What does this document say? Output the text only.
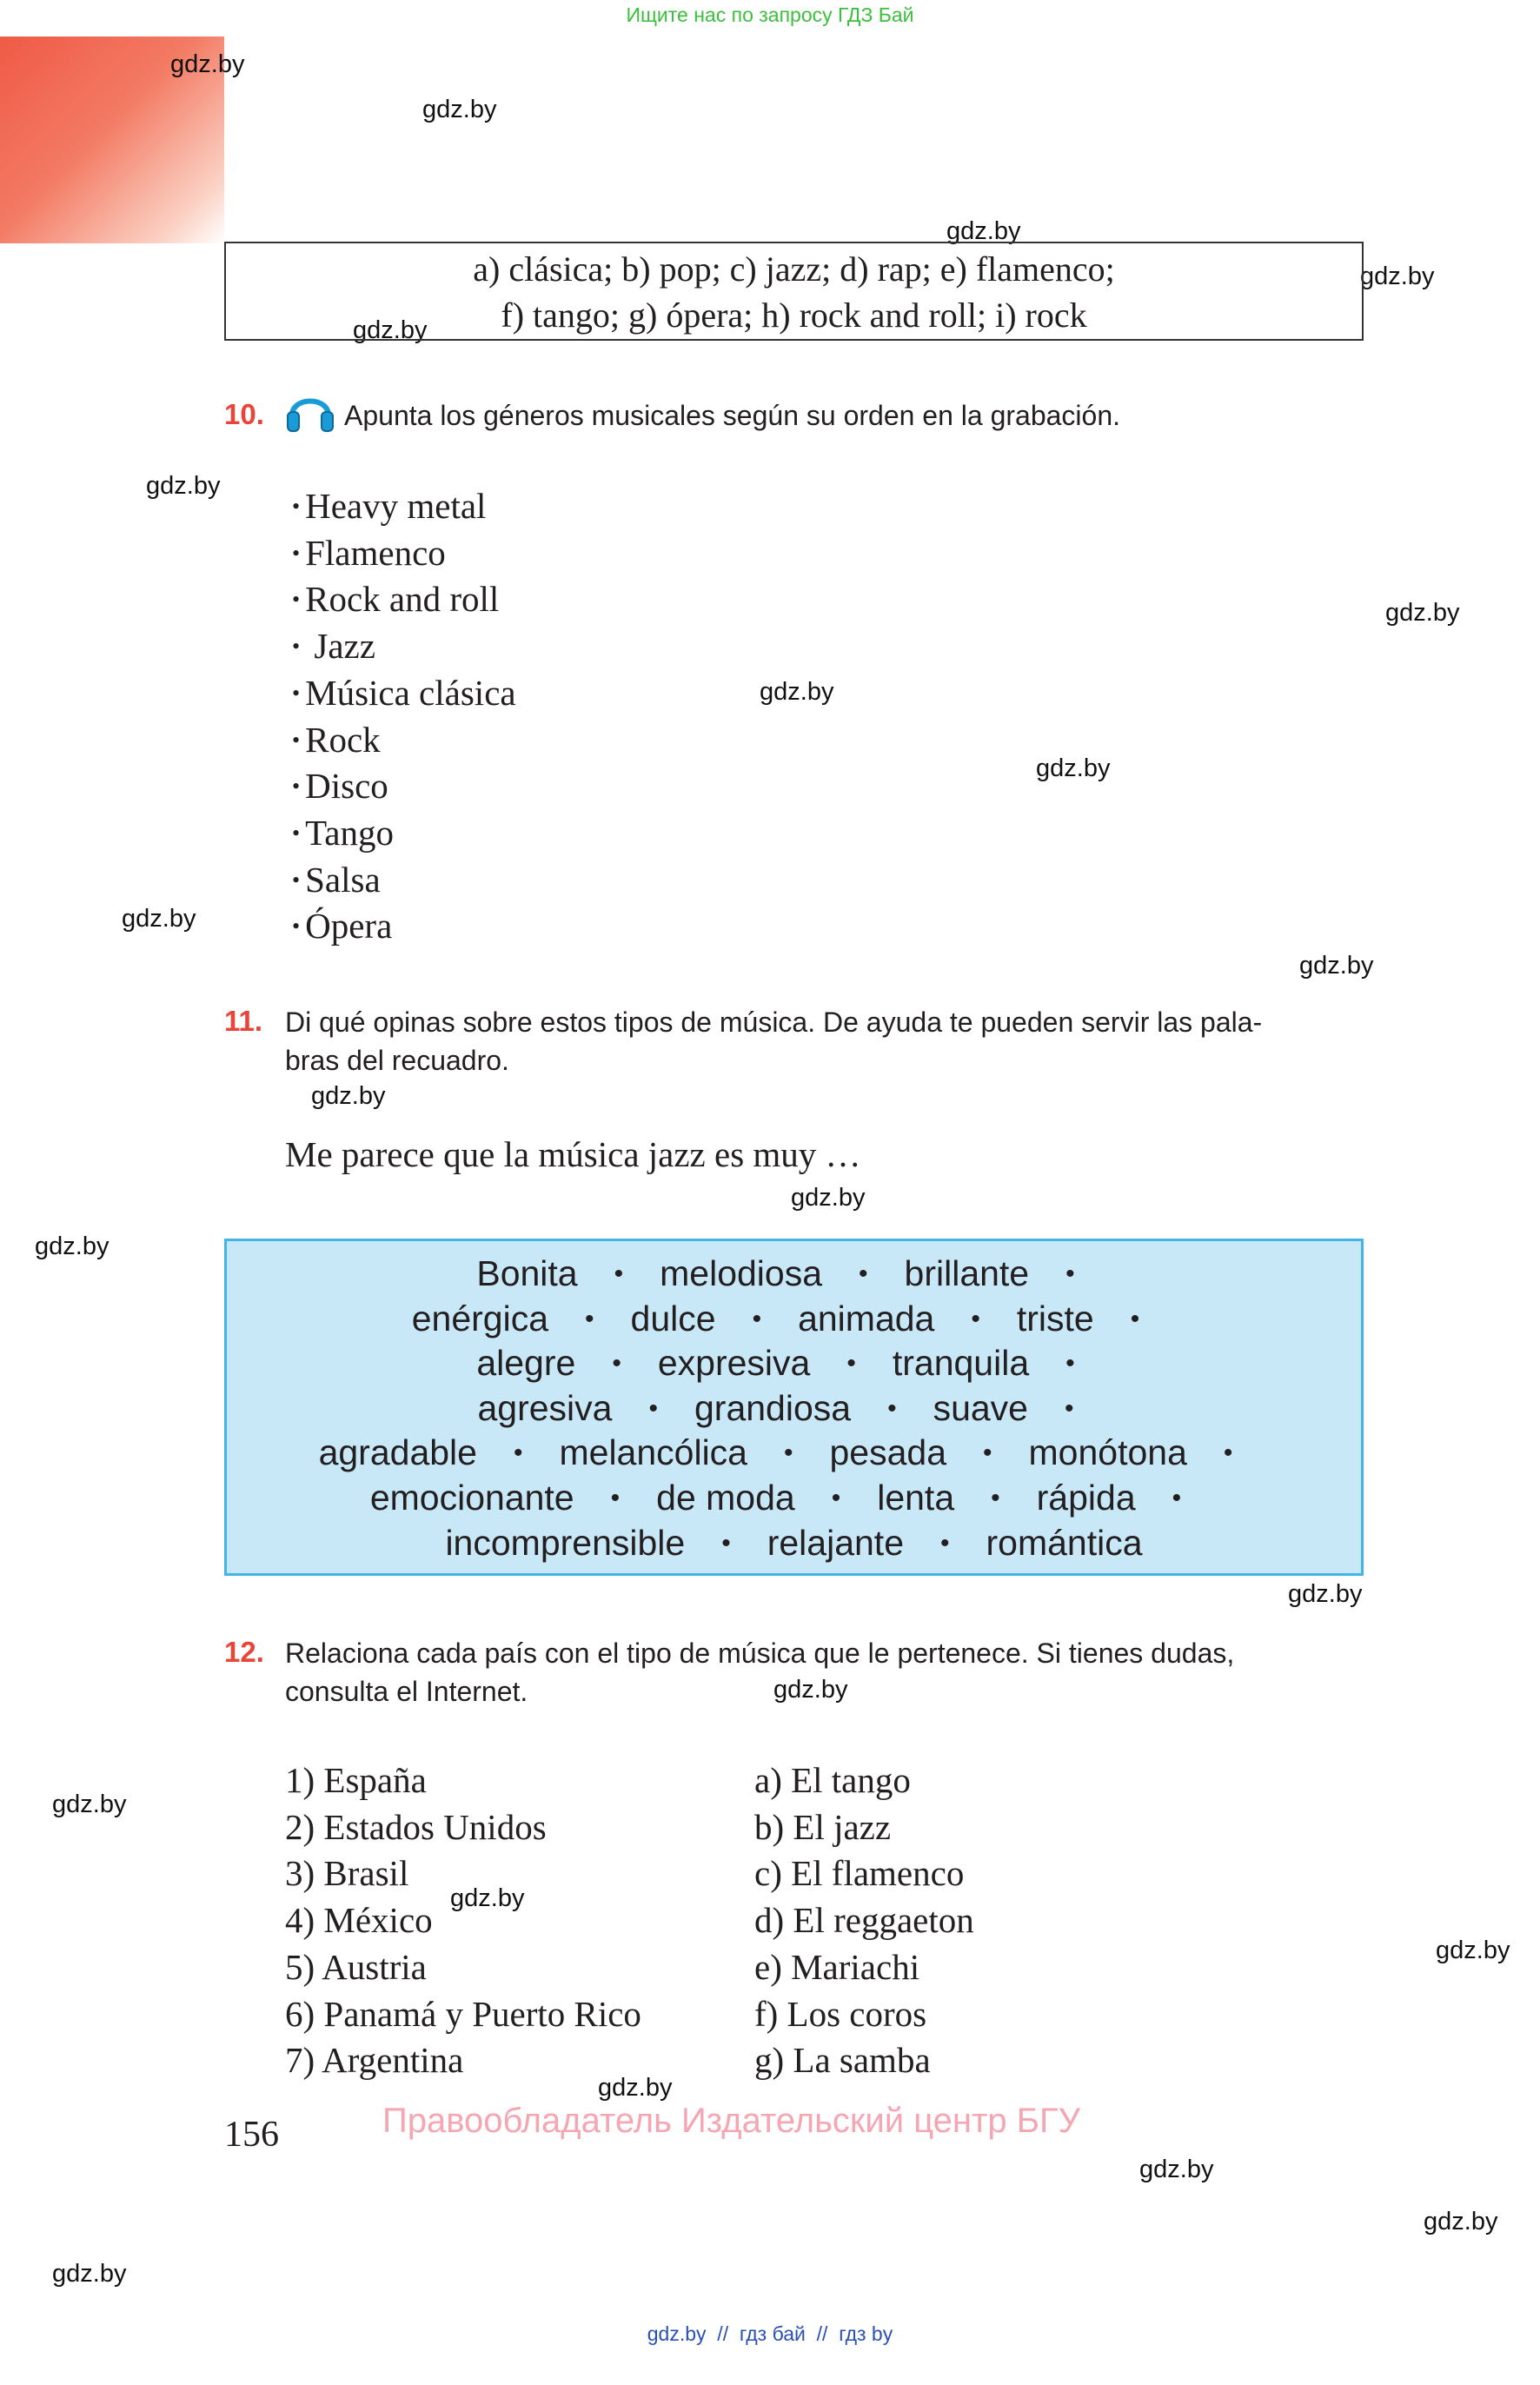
Ищите нас по запросу ГДЗ Бай
gdz.by
gdz.by
gdz.by
gdz.by
gdz.by
gdz.by
gdz.by
gdz.by
gdz.by
gdz.by
gdz.by
gdz.by
gdz.by
gdz.by
gdz.by
gdz.by
gdz.by
gdz.by
gdz.by
gdz.by
gdz.by
gdz.by
gdz.by
a) clásica; b) pop; c) jazz; d) rap; e) flamenco;
f) tango; g) ópera; h) rock and roll; i) rock
10.	Apunta los géneros musicales según su orden en la grabación.
• Heavy metal
• Flamenco
• Rock and roll
• Jazz
• Música clásica
• Rock
• Disco
• Tango
• Salsa
• Ópera
11. Di qué opinas sobre estos tipos de música. De ayuda te pueden servir las pala-
bras del recuadro.
Me parece que la música jazz es muy …
Bonita • melodiosa • brillante •
enérgica • dulce • animada • triste •
alegre • expresiva • tranquila •
agresiva • grandiosa • suave •
agradable • melancólica • pesada • monótona •
emocionante • de moda • lenta • rápida •
incomprensible • relajante • romántica
12. Relaciona cada país con el tipo de música que le pertenece. Si tienes dudas,
consulta el Internet.
1) España
2) Estados Unidos
3) Brasil
4) México
5) Austria
6) Panamá y Puerto Rico
7) Argentina
a) El tango
b) El jazz
c) El flamenco
d) El reggaeton
e) Mariachi
f) Los coros
g) La samba
156	Правообладатель Издательский центр БГУ
gdz.by  //  гдз бай  //  гдз by
